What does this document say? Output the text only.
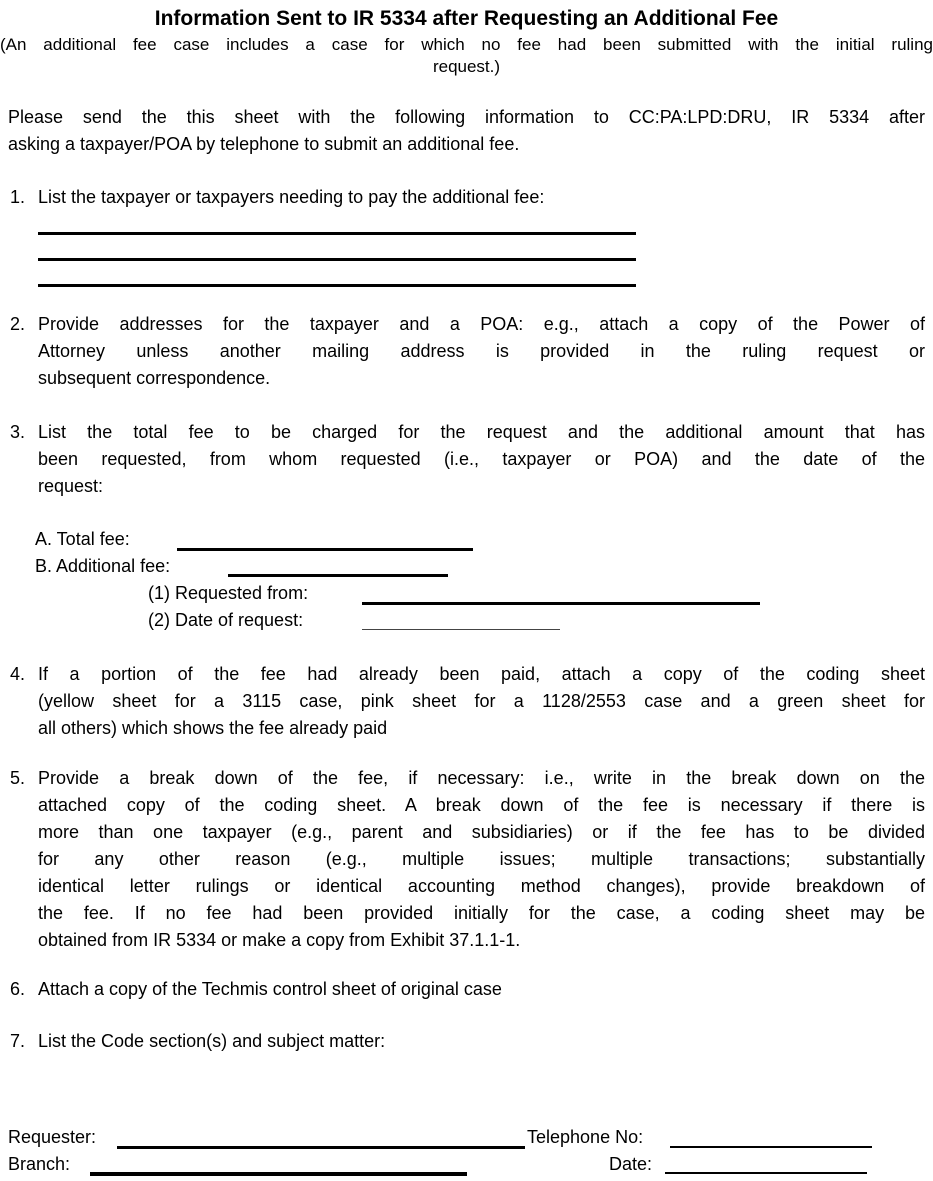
Information Sent to IR 5334 after Requesting an Additional Fee
(An additional fee case includes a case for which no fee had been submitted with the initial ruling
request.)
Please send the this sheet with the following information to CC:PA:LPD:DRU, IR 5334 after
asking a taxpayer/POA by telephone to submit an additional fee.
1. List the taxpayer or taxpayers needing to pay the additional fee:
2. Provide addresses for the taxpayer and a POA: e.g., attach a copy of the Power of
Attorney unless another mailing address is provided in the ruling request or
subsequent correspondence.
3. List the total fee to be charged for the request and the additional amount that has
been requested, from whom requested (i.e., taxpayer or POA) and the date of the
request:
A. Total fee:
B. Additional fee:
(1) Requested from:
(2) Date of request:
4. If a portion of the fee had already been paid, attach a copy of the coding sheet
(yellow sheet for a 3115 case, pink sheet for a 1128/2553 case and a green sheet for
all others) which shows the fee already paid
5. Provide a break down of the fee, if necessary: i.e., write in the break down on the
attached copy of the coding sheet. A break down of the fee is necessary if there is
more than one taxpayer (e.g., parent and subsidiaries) or if the fee has to be divided
for any other reason (e.g., multiple issues; multiple transactions; substantially
identical letter rulings or identical accounting method changes), provide breakdown of
the fee. If no fee had been provided initially for the case, a coding sheet may be
obtained from IR 5334 or make a copy from Exhibit 37.1.1-1.
6. Attach a copy of the Techmis control sheet of original case
7. List the Code section(s) and subject matter:
Requester:	Telephone No:
Branch:	Date:
